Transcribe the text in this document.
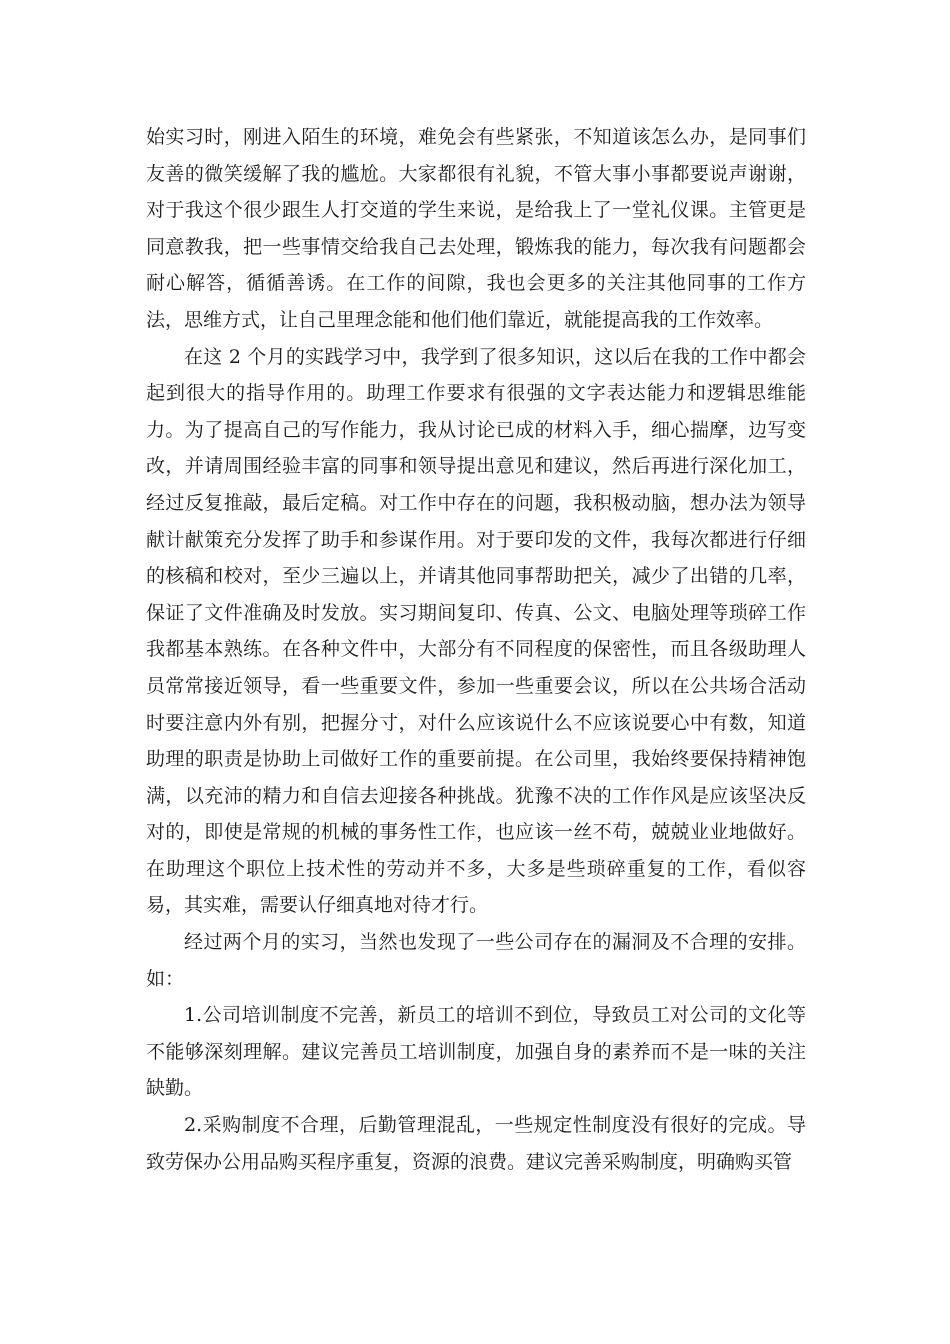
始实习时，刚进入陌生的环境，难免会有些紧张，不知道该怎么办，是同事们友善的微笑缓解了我的尴尬。大家都很有礼貌，不管大事小事都要说声谢谢，对于我这个很少跟生人打交道的学生来说，是给我上了一堂礼仪课。主管更是同意教我，把一些事情交给我自己去处理，锻炼我的能力，每次我有问题都会耐心解答，循循善诱。在工作的间隙，我也会更多的关注其他同事的工作方法，思维方式，让自己里理念能和他们他们靠近，就能提高我的工作效率。

在这 2 个月的实践学习中，我学到了很多知识，这以后在我的工作中都会起到很大的指导作用的。助理工作要求有很强的文字表达能力和逻辑思维能力。为了提高自己的写作能力，我从讨论已成的材料入手，细心揣摩，边写变改，并请周围经验丰富的同事和领导提出意见和建议，然后再进行深化加工，经过反复推敲，最后定稿。对工作中存在的问题，我积极动脑，想办法为领导献计献策充分发挥了助手和参谋作用。对于要印发的文件，我每次都进行仔细的核稿和校对，至少三遍以上，并请其他同事帮助把关，减少了出错的几率，保证了文件准确及时发放。实习期间复印、传真、公文、电脑处理等琐碎工作我都基本熟练。在各种文件中，大部分有不同程度的保密性，而且各级助理人员常常接近领导，看一些重要文件，参加一些重要会议，所以在公共场合活动时要注意内外有别，把握分寸，对什么应该说什么不应该说要心中有数，知道助理的职责是协助上司做好工作的重要前提。在公司里，我始终要保持精神饱满，以充沛的精力和自信去迎接各种挑战。犹豫不决的工作作风是应该坚决反对的，即使是常规的机械的事务性工作，也应该一丝不苟，兢兢业业地做好。在助理这个职位上技术性的劳动并不多，大多是些琐碎重复的工作，看似容易，其实难，需要认仔细真地对待才行。

经过两个月的实习，当然也发现了一些公司存在的漏洞及不合理的安排。如：

1.公司培训制度不完善，新员工的培训不到位，导致员工对公司的文化等不能够深刻理解。建议完善员工培训制度，加强自身的素养而不是一味的关注缺勤。

2.采购制度不合理，后勤管理混乱，一些规定性制度没有很好的完成。导致劳保办公用品购买程序重复，资源的浪费。建议完善采购制度，明确购买管
